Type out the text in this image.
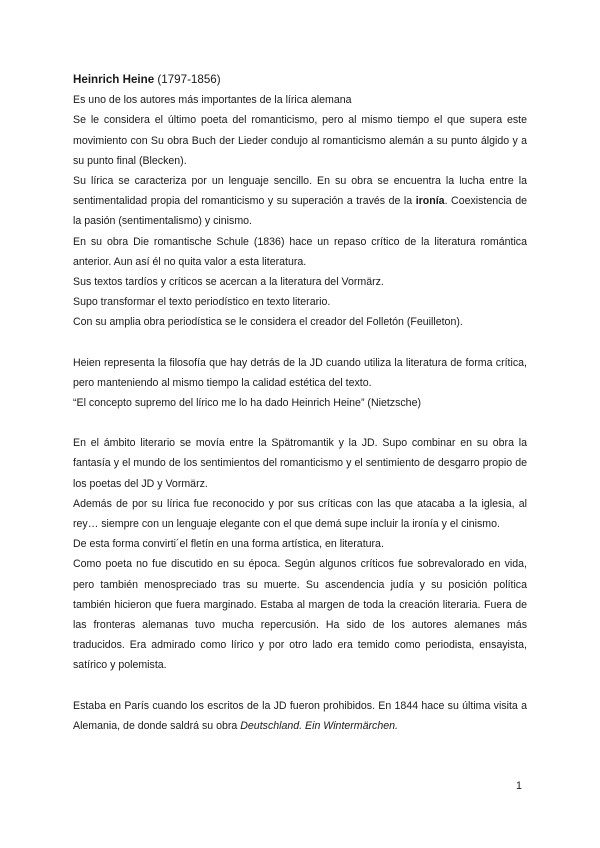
Heinrich Heine (1797-1856)

Es uno de los autores más importantes de la lírica alemana

Se le considera el último poeta del romanticismo, pero al mismo tiempo el que supera este movimiento con Su obra Buch der Lieder condujo al romanticismo alemán a su punto álgido y a su punto final (Blecken).

Su lírica se caracteriza por un lenguaje sencillo. En su obra se encuentra la lucha entre la sentimentalidad propia del romanticismo y su superación a través de la ironía. Coexistencia de la pasión (sentimentalismo) y cinismo.

En su obra Die romantische Schule (1836) hace un repaso crítico de la literatura romántica anterior. Aun así él no quita valor a esta literatura.

Sus textos tardíos y críticos se acercan a la literatura del Vormärz.

Supo transformar el texto periodístico en texto literario.

Con su amplia obra periodística se le considera el creador del Folletón (Feuilleton).

Heien representa la filosofía que hay detrás de la JD cuando utiliza la literatura de forma crítica, pero manteniendo al mismo tiempo la calidad estética del texto.

“El concepto supremo del lírico me lo ha dado Heinrich Heine” (Nietzsche)

En el ámbito literario se movía entre la Spätromantik y la JD. Supo combinar en su obra la fantasía y el mundo de los sentimientos del romanticismo y el sentimiento de desgarro propio de los poetas del JD y Vormärz.

Además de por su lírica fue reconocido y por sus críticas con las que atacaba a la iglesia, al rey… siempre con un lenguaje elegante con el que demá supe incluir la ironía y el cinismo.

De esta forma convirti´el fletín en una forma artística, en literatura.

Como poeta no fue discutido en su época. Según algunos críticos fue sobrevalorado en vida, pero también menospreciado tras su muerte. Su ascendencia judía y su posición política también hicieron que fuera marginado. Estaba al margen de toda la creación literaria. Fuera de las fronteras alemanas tuvo mucha repercusión. Ha sido de los autores alemanes más traducidos. Era admirado como lírico y por otro lado era temido como periodista, ensayista, satírico y polemista.

Estaba en París cuando los escritos de la JD fueron prohibidos. En 1844 hace su última visita a Alemania, de donde saldrá su obra Deutschland. Ein Wintermärchen.

1
